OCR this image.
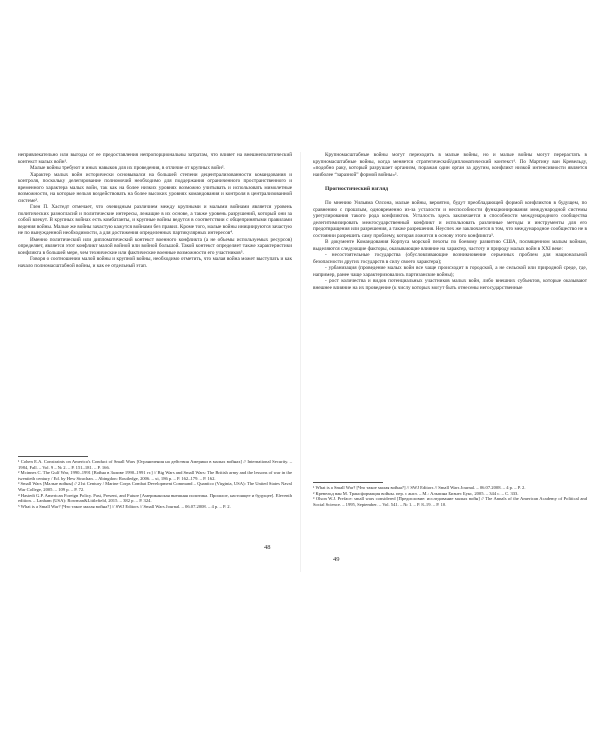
непривлекательно или выгоды от ее предоставления непропорциональны затратам, что влияет на внешнеполитический контекст малых войн¹.

Малые войны требуют и иных навыков для их проведения, в отличие от крупных войн².

Характер малых войн исторически основывался на большей степени децентрализованности командования и контроля, поскольку делегирование полномочий необходимо для поддержания ограниченного пространственного и временного характера малых войн, так как на более низких уровнях возможно учитывать и использовать мимолетные возможности, на которые нельзя воздействовать на более высоких уровнях командования и контроля в централизованной системе³.

Глен П. Хастедт отмечает, что очевидным различием между крупными и малыми войнами является уровень политических разногласий и политические интересы, лежащие в их основе, а также уровень разрушений, который они за собой влекут. В крупных войнах есть комбатанты, и крупные войны ведутся в соответствии с общепринятыми правилами ведения войны. Малые же войны зачастую кажутся войнами без правил. Кроме того, малые войны инициируются зачастую не по вынужденной необходимости, а для достижения определенных партикулярных интересов⁴.

Именно политический или дипломатический контекст военного конфликта (а не объемы используемых ресурсов) определяет, является этот конфликт малой войной или войной большой. Такой контекст определяет также характеристики конфликта в большей мере, чем технические или фактические военные возможности его участников⁵.

Говоря о соотношении малой войны и крупной войны, необходимо отметить, что малая война может выступать и как начало полномасштабной войны, и как ее отдельный этап.

¹ Cohen E.A. Constraints on America's Conduct of Small Wars [Ограничения на действия Америки в малых войнах] // International Security. – 1984, Fall. – Vol. 9 – № 2. – P. 151–181. – P. 166.

² Mcinnes C. The Gulf War, 1990–1991 [Война в Заливе 1990–1991 гг.] // Big Wars and Small Wars: The British army and the lessons of war in the twentieth century / Ed. by Hew Strachan. – Abingdon: Routledge, 2006. – xi, 186 p. – P. 162–179. – P. 162.

³ Small Wars [Малые войны] // 21st Century / Marine Corps Combat Development Command – Quantico (Virginia, USA): The United States Naval War College, 2005. – 109 p. – P. 72.

⁴ Hastedt G.P. American Foreign Policy. Past, Present, and Future [Американская внешняя политика. Прошлое, настоящее и будущее]. Eleventh edition. – Lanham (USA): Rowman&Littlefield, 2015. – 382 p. – P. 324.

⁵ What is a Small War? [Что такое малая война?] // SWJ Editors // Small Wars Journal. – 06.07.2008. – 4 p. – P. 2.

48

Крупномасштабные войны могут переходить в малые войны, но и малые войны могут перерастать в крупномасштабные войны, когда меняется стратегический/дипломатический контекст¹. По Мартину ван Кревельду, «подобно раку, который разрушает организм, поражая один орган за другим, конфликт низкой интенсивности является наиболее “заразной” формой войны»².

Прогностический взгляд

По мнению Уильяма Олсона, малые войны, вероятно, будут преобладающей формой конфликтов в будущем, по сравнению с прошлым, одновременно из-за усталости и неспособности функционирования международной системы урегулирования такого рода конфликтов. Усталость здесь заключается в способности международного сообщества делегитимизировать межгосударственный конфликт и использовать различные методы и инструменты для его предотвращения или разрешения, а также разрешения. Неуспех же заключается в том, что международное сообщество не в состоянии разрешить саму проблему, которая ложится в основу этого конфликта³.

В документе Командования Корпуса морской пехоты по боевому развитию США, посвященном малым войнам, выделяются следующие факторы, оказывающие влияние на характер, частоту и природу малых войн в XXI веке:

- несостоятельные государства (обусловливающие возникновение серьезных проблем для национальной безопасности других государств в силу своего характера);

- урбанизация (проведение малых войн все чаще происходит в городской, а не сельской или природной среде, где, например, ранее чаще характеризовались партизанские войны);

- рост количества и видов потенциальных участников малых войн, либо внешних субъектов, которые оказывают внешнее влияние на их проведение (к числу которых могут быть отнесены негосударственные

¹ What is a Small War? [Что такое малая война?] // SWJ Editors // Small Wars Journal. – 06.07.2008. – 4 p. – P. 2.

² Кревельд ван М. Трансформация войны. пер. с англ. – М.: Альпина Бизнес Букс, 2005. – 344 с. – С. 333.

³ Olson W.J. Preface: small wars considered [Предисловие: исследование малых войн] // The Annals of the American Academy of Political and Social Science. – 1995, September. – Vol. 541. – № 1. – P. 8–19. – P. 10.

49
